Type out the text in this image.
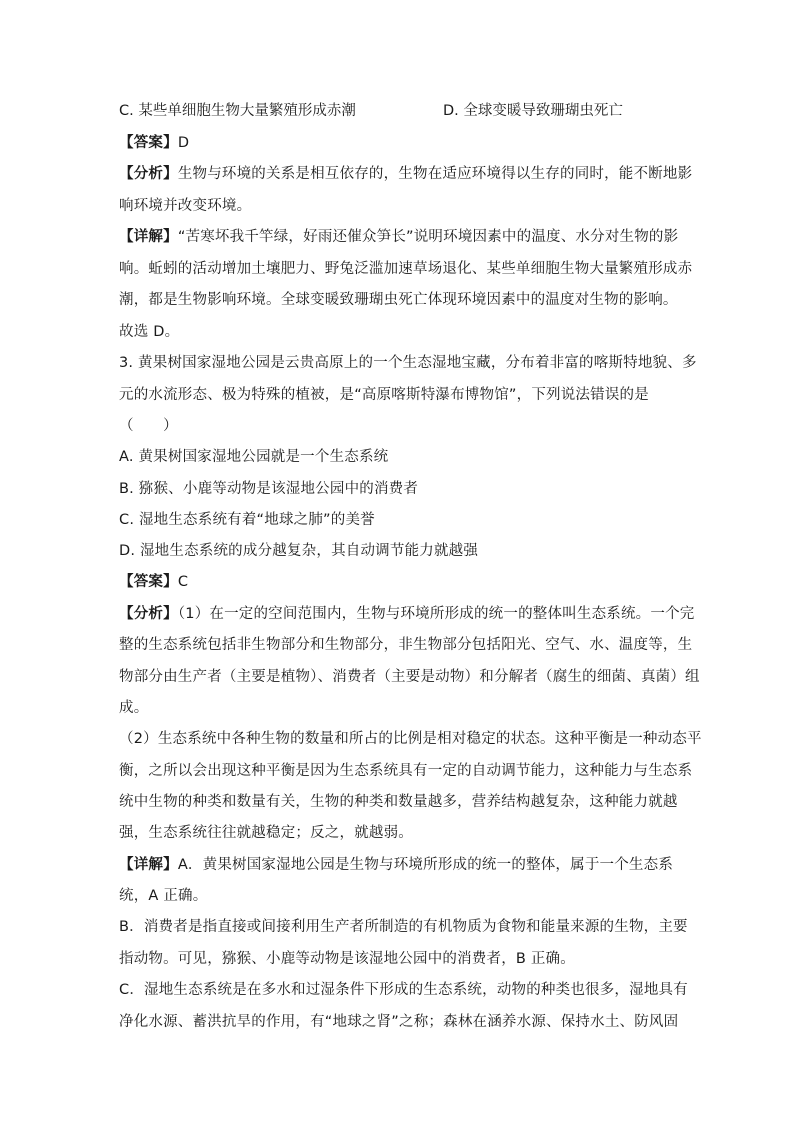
C. 某些单细胞生物大量繁殖形成赤潮	D. 全球变暖导致珊瑚虫死亡
【答案】D
【分析】生物与环境的关系是相互依存的，生物在适应环境得以生存的同时，能不断地影
响环境并改变环境。
【详解】“苦寒坏我千竿绿，好雨还催众笋长”说明环境因素中的温度、水分对生物的影
响。蚯蚓的活动增加土壤肥力、野兔泛滥加速草场退化、某些单细胞生物大量繁殖形成赤
潮，都是生物影响环境。全球变暖致珊瑚虫死亡体现环境因素中的温度对生物的影响。
故选 D。
3. 黄果树国家湿地公园是云贵高原上的一个生态湿地宝藏，分布着非富的喀斯特地貌、多
元的水流形态、极为特殊的植被，是“高原喀斯特瀑布博物馆”，下列说法错误的是
（　　）
A. 黄果树国家湿地公园就是一个生态系统
B. 猕猴、小鹿等动物是该湿地公园中的消费者
C. 湿地生态系统有着“地球之肺”的美誉
D. 湿地生态系统的成分越复杂，其自动调节能力就越强
【答案】C
【分析】（1）在一定的空间范围内，生物与环境所形成的统一的整体叫生态系统。一个完
整的生态系统包括非生物部分和生物部分，非生物部分包括阳光、空气、水、温度等，生
物部分由生产者（主要是植物）、消费者（主要是动物）和分解者（腐生的细菌、真菌）组
成。
（2）生态系统中各种生物的数量和所占的比例是相对稳定的状态。这种平衡是一种动态平
衡，之所以会出现这种平衡是因为生态系统具有一定的自动调节能力，这种能力与生态系
统中生物的种类和数量有关，生物的种类和数量越多，营养结构越复杂，这种能力就越
强，生态系统往往就越稳定；反之，就越弱。
【详解】A．黄果树国家湿地公园是生物与环境所形成的统一的整体，属于一个生态系
统，A 正确。
B．消费者是指直接或间接利用生产者所制造的有机物质为食物和能量来源的生物，主要
指动物。可见，猕猴、小鹿等动物是该湿地公园中的消费者，B 正确。
C．湿地生态系统是在多水和过湿条件下形成的生态系统，动物的种类也很多，湿地具有
净化水源、蓄洪抗旱的作用，有“地球之肾”之称；森林在涵养水源、保持水土、防风固
